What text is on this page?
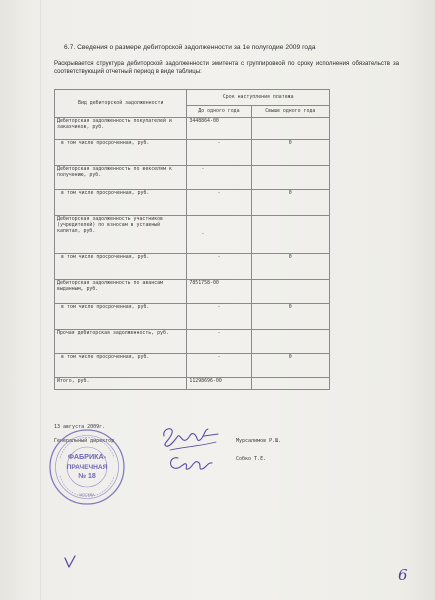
6.7. Сведения о размере дебиторской задолженности за 1е полугодие 2009 года
Раскрывается структура дебиторской задолженности эмитента с группировкой по сроку исполнения обязательств за соответствующий отчетный период в виде таблицы:
Вид дебиторской задолженности	Срок наступления платежа	
	До одного года	Свыше одного года
Дебиторская задолженность покупателей и заказчиков, руб.	3448864-00	
в том числе просроченная, руб.	-	0
Дебиторская задолженность по векселям к получению, руб.	-	
в том числе просроченная, руб.	-	0
Дебиторская задолженность участников (учредителей) по взносам в уставный капитал, руб.	-	
в том числе просроченная, руб.	-	0
Дебиторская задолженность по авансам выданным, руб.	7851758-00	
в том числе просроченная, руб.	-	0
Прочая дебиторская задолженность, руб.	-	
в том числе просроченная, руб.	-	0
Итого, руб.	11298696-00	
13 августа 2009г.
Генеральный директор	Мурсалимов Р.Ш.
Собко Т.Е.
ФАБРИКА-
ПРАЧЕЧНАЯ
№ 18
МОСКВА
6
